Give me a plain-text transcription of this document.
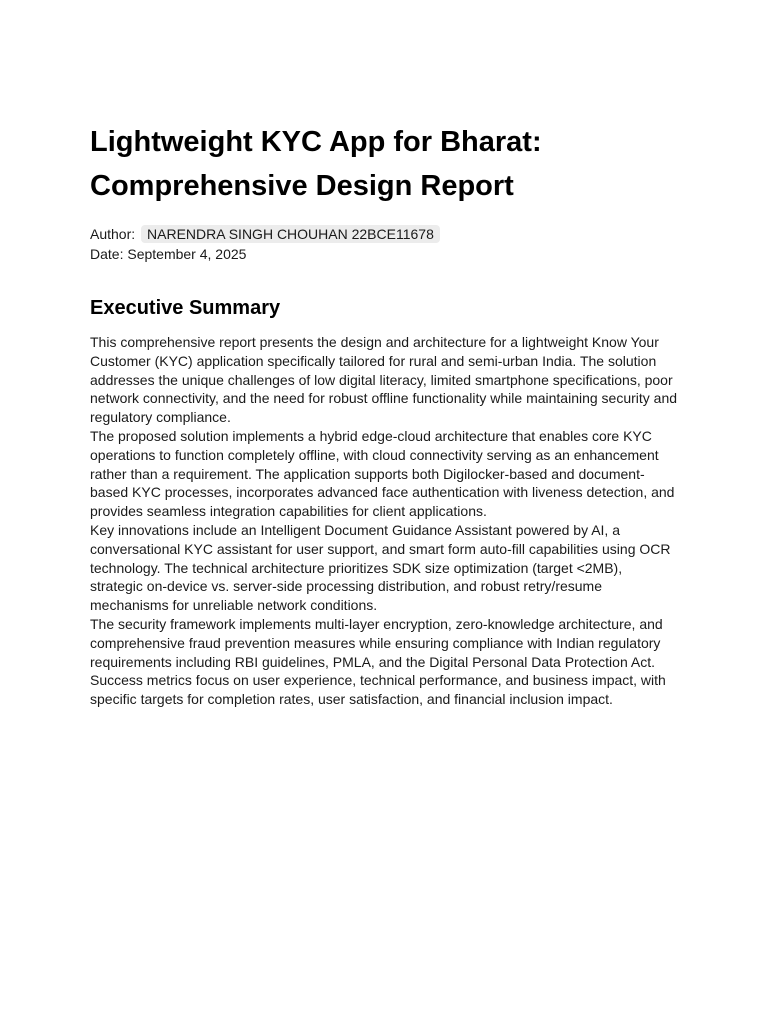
Lightweight KYC App for Bharat:
Comprehensive Design Report
Author: NARENDRA SINGH CHOUHAN 22BCE11678
Date: September 4, 2025
Executive Summary

This comprehensive report presents the design and architecture for a lightweight Know Your Customer (KYC) application specifically tailored for rural and semi-urban India. The solution addresses the unique challenges of low digital literacy, limited smartphone specifications, poor network connectivity, and the need for robust offline functionality while maintaining security and regulatory compliance.

The proposed solution implements a hybrid edge-cloud architecture that enables core KYC operations to function completely offline, with cloud connectivity serving as an enhancement rather than a requirement. The application supports both Digilocker-based and document-based KYC processes, incorporates advanced face authentication with liveness detection, and provides seamless integration capabilities for client applications.

Key innovations include an Intelligent Document Guidance Assistant powered by AI, a conversational KYC assistant for user support, and smart form auto-fill capabilities using OCR technology. The technical architecture prioritizes SDK size optimization (target <2MB), strategic on-device vs. server-side processing distribution, and robust retry/resume mechanisms for unreliable network conditions.

The security framework implements multi-layer encryption, zero-knowledge architecture, and comprehensive fraud prevention measures while ensuring compliance with Indian regulatory requirements including RBI guidelines, PMLA, and the Digital Personal Data Protection Act. Success metrics focus on user experience, technical performance, and business impact, with specific targets for completion rates, user satisfaction, and financial inclusion impact.
